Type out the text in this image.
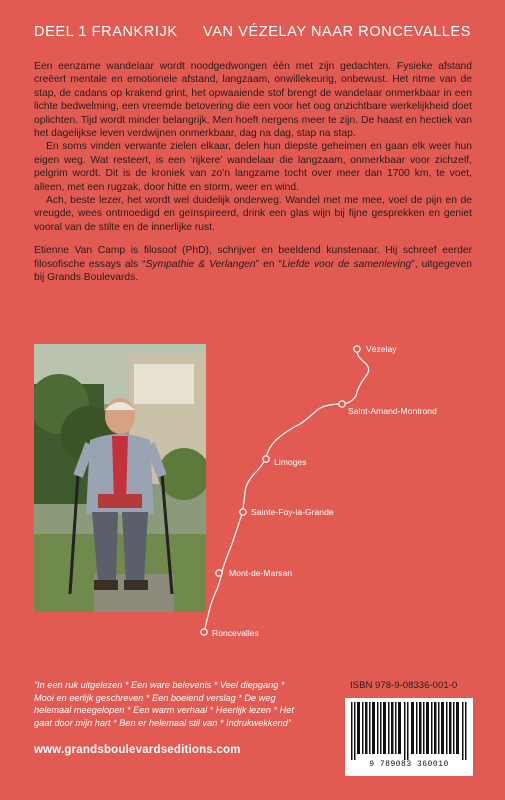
DEEL 1 FRANKRIJK VAN VÉZELAY NAAR RONCEVALLES

Een eenzame wandelaar wordt noodgedwongen één met zijn gedachten. Fysieke afstand creëert mentale en emotionele afstand, langzaam, onwillekeurig, onbewust. Het ritme van de stap, de cadans op krakend grint, het opwaaiende stof brengt de wandelaar onmerkbaar in een lichte bedwelming, een vreemde betovering die een voor het oog onzichtbare werkelijkheid doet oplichten. Tijd wordt minder belangrijk. Men hoeft nergens meer te zijn. De haast en hectiek van het dagelijkse leven verdwijnen onmerkbaar, dag na dag, stap na stap.

En soms vinden verwante zielen elkaar, delen hun diepste geheimen en gaan elk weer hun eigen weg. Wat resteert, is een ‘rijkere’ wandelaar die langzaam, onmerkbaar voor zichzelf, pelgrim wordt. Dit is de kroniek van zo’n langzame tocht over meer dan 1700 km, te voet, alleen, met een rugzak, door hitte en storm, weer en wind.

Ach, beste lezer, het wordt wel duidelijk onderweg. Wandel met me mee, voel de pijn en de vreugde, wees ontmoedigd en geïnspireerd, drink een glas wijn bij fijne gesprekken en geniet vooral van de stilte en de innerlijke rust.

Etienne Van Camp is filosoof (PhD), schrijver en beeldend kunstenaar. Hij schreef eerder filosofische essays als “Sympathie & Verlangen” en “Liefde voor de samenleving”, uitgegeven bij Grands Boulevards.

Vézelay
Saint-Amand-Montrond
Limoges
Sainte-Foy-la-Grande
Mont-de-Marsan
Roncevalles
“In een ruk uitgelezen * Een ware belevenis * Veel diepgang * Mooi en eerlijk geschreven * Een boeiend verslag * De weg helemaal meegelopen * Een warm verhaal * Heerlijk lezen * Het gaat door mijn hart * Ben er helemaal stil van * Indrukwekkend”
ISBN 978-9-08336-001-0
9 789083 360010
www.grandsboulevardseditions.com
